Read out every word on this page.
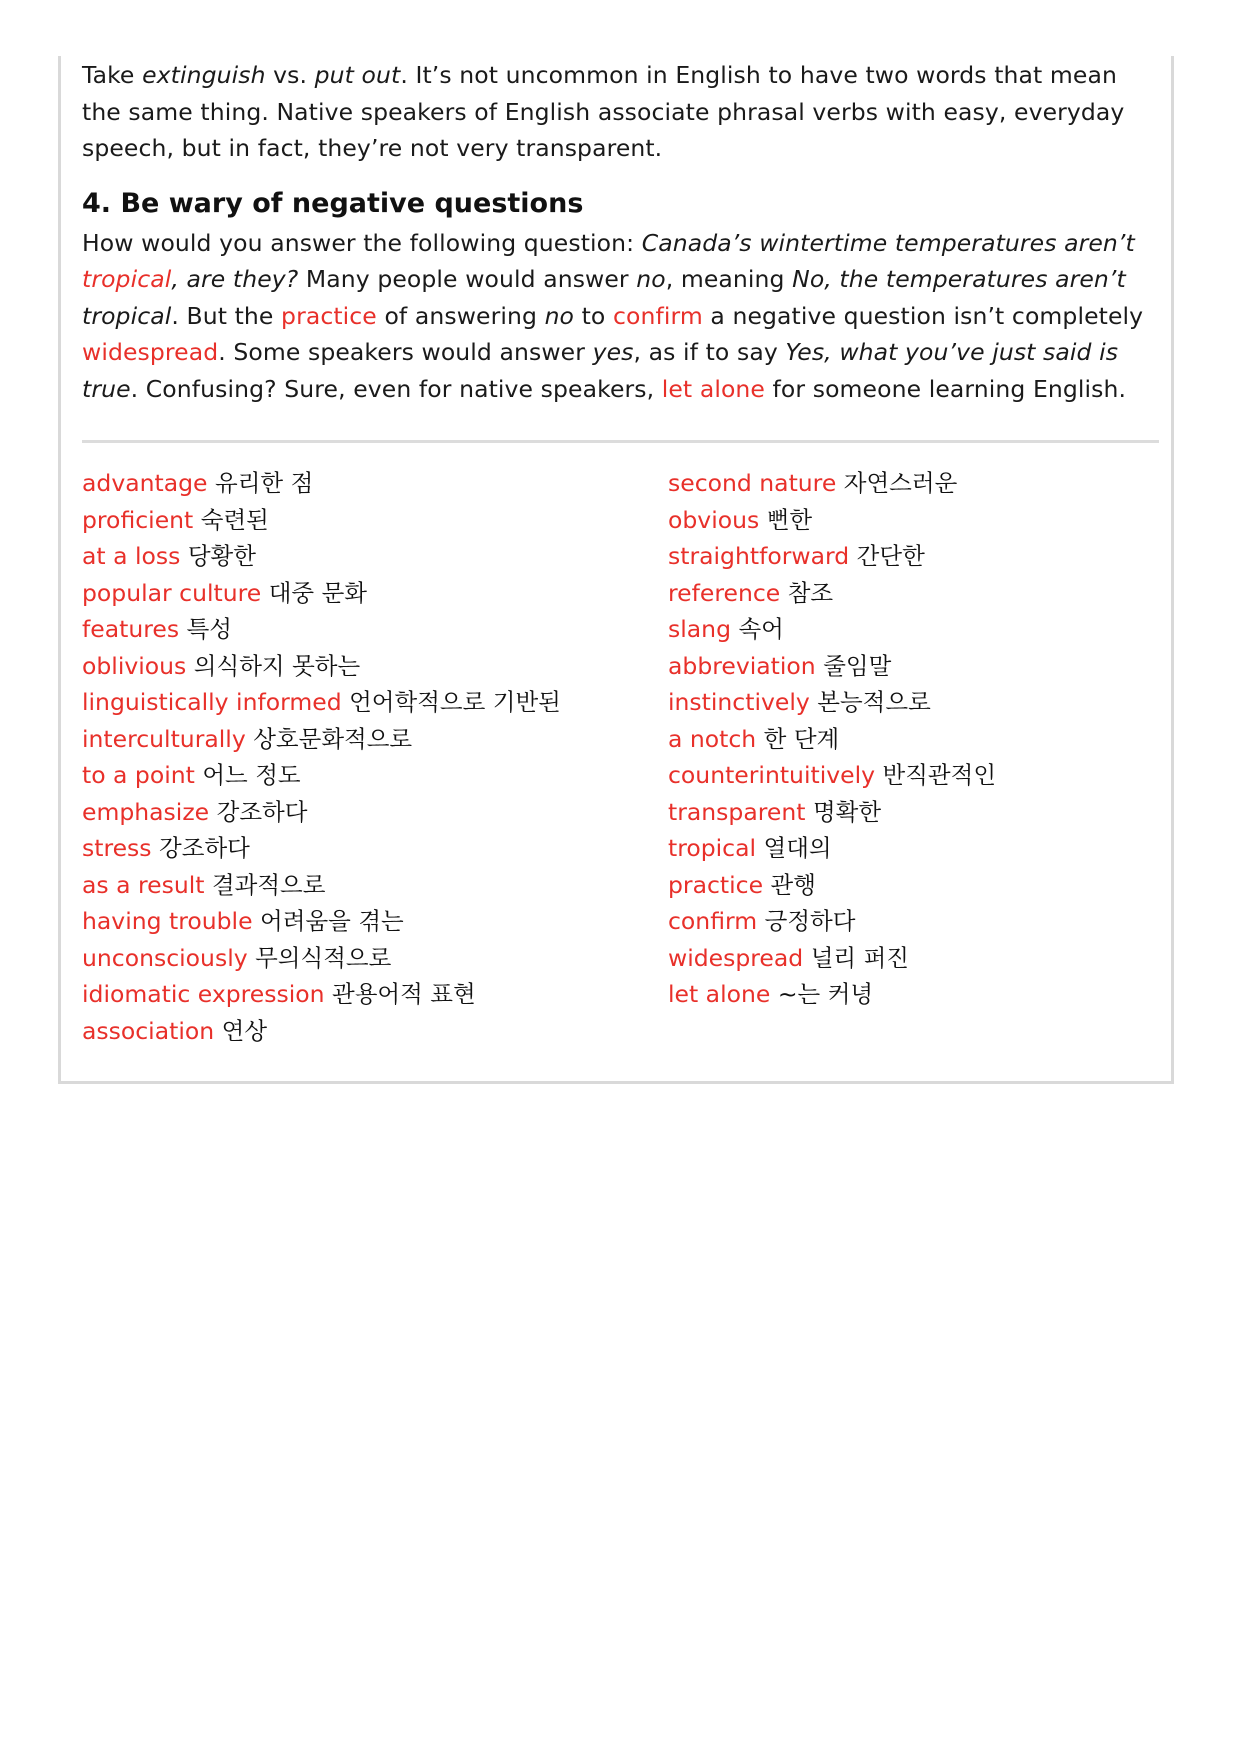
Take extinguish vs. put out. It’s not uncommon in English to have two words that mean the same thing. Native speakers of English associate phrasal verbs with easy, everyday speech, but in fact, they’re not very transparent.

4. Be wary of negative questions

How would you answer the following question: Canada’s wintertime temperatures aren’t tropical, are they? Many people would answer no, meaning No, the temperatures aren’t tropical. But the practice of answering no to confirm a negative question isn’t completely widespread. Some speakers would answer yes, as if to say Yes, what you’ve just said is true. Confusing? Sure, even for native speakers, let alone for someone learning English.

advantage 유리한 점
proficient 숙련된
at a loss 당황한
popular culture 대중 문화
features 특성
oblivious 의식하지 못하는
linguistically informed 언어학적으로 기반된
interculturally 상호문화적으로
to a point 어느 정도
emphasize 강조하다
stress 강조하다
as a result 결과적으로
having trouble 어려움을 겪는
unconsciously 무의식적으로
idiomatic expression 관용어적 표현
association 연상
second nature 자연스러운
obvious 뻔한
straightforward 간단한
reference 참조
slang 속어
abbreviation 줄임말
instinctively 본능적으로
a notch 한 단계
counterintuitively 반직관적인
transparent 명확한
tropical 열대의
practice 관행
confirm 긍정하다
widespread 널리 퍼진
let alone ~는 커녕
